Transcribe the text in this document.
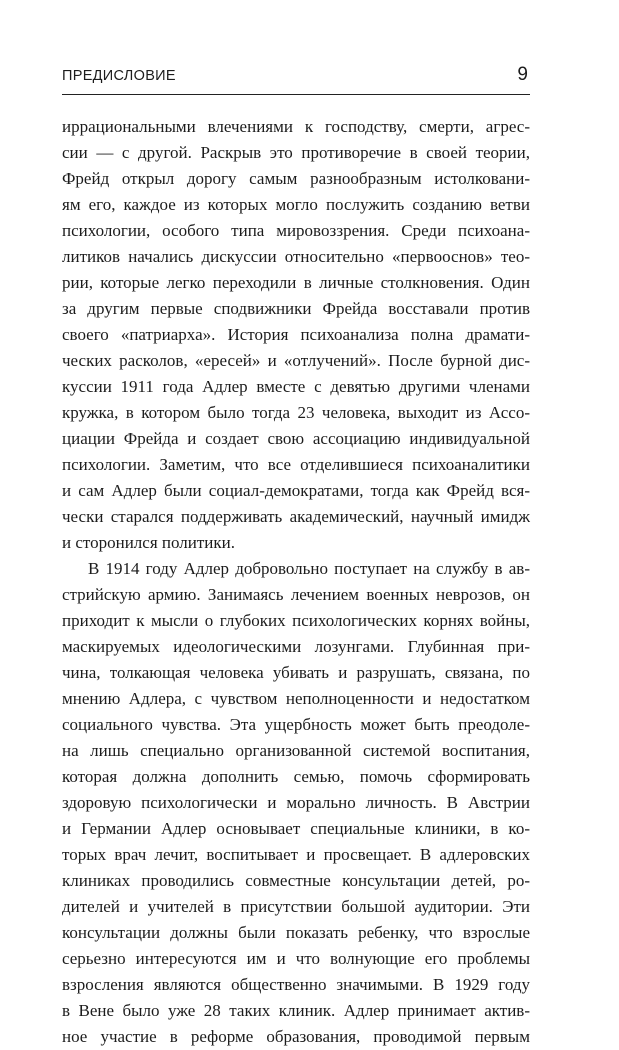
ПРЕДИСЛОВИЕ	9
иррациональными влечениями к господству, смерти, агрес-
сии — с другой. Раскрыв это противоречие в своей теории,
Фрейд открыл дорогу самым разнообразным истолковани-
ям его, каждое из которых могло послужить созданию ветви
психологии, особого типа мировоззрения. Среди психоана-
литиков начались дискуссии относительно «первооснов» тео-
рии, которые легко переходили в личные столкновения. Один
за другим первые сподвижники Фрейда восставали против
своего «патриарха». История психоанализа полна драмати-
ческих расколов, «ересей» и «отлучений». После бурной дис-
куссии 1911 года Адлер вместе с девятью другими членами
кружка, в котором было тогда 23 человека, выходит из Ассо-
циации Фрейда и создает свою ассоциацию индивидуальной
психологии. Заметим, что все отделившиеся психоаналитики
и сам Адлер были социал-демократами, тогда как Фрейд вся-
чески старался поддерживать академический, научный имидж
и сторонился политики.
В 1914 году Адлер добровольно поступает на службу в ав-
стрийскую армию. Занимаясь лечением военных неврозов, он
приходит к мысли о глубоких психологических корнях войны,
маскируемых идеологическими лозунгами. Глубинная при-
чина, толкающая человека убивать и разрушать, связана, по
мнению Адлера, с чувством неполноценности и недостатком
социального чувства. Эта ущербность может быть преодоле-
на лишь специально организованной системой воспитания,
которая должна дополнить семью, помочь сформировать
здоровую психологически и морально личность. В Австрии
и Германии Адлер основывает специальные клиники, в ко-
торых врач лечит, воспитывает и просвещает. В адлеровских
клиниках проводились совместные консультации детей, ро-
дителей и учителей в присутствии большой аудитории. Эти
консультации должны были показать ребенку, что взрослые
серьезно интересуются им и что волнующие его проблемы
взросления являются общественно значимыми. В 1929 году
в Вене было уже 28 таких клиник. Адлер принимает актив-
ное участие в реформе образования, проводимой первым
